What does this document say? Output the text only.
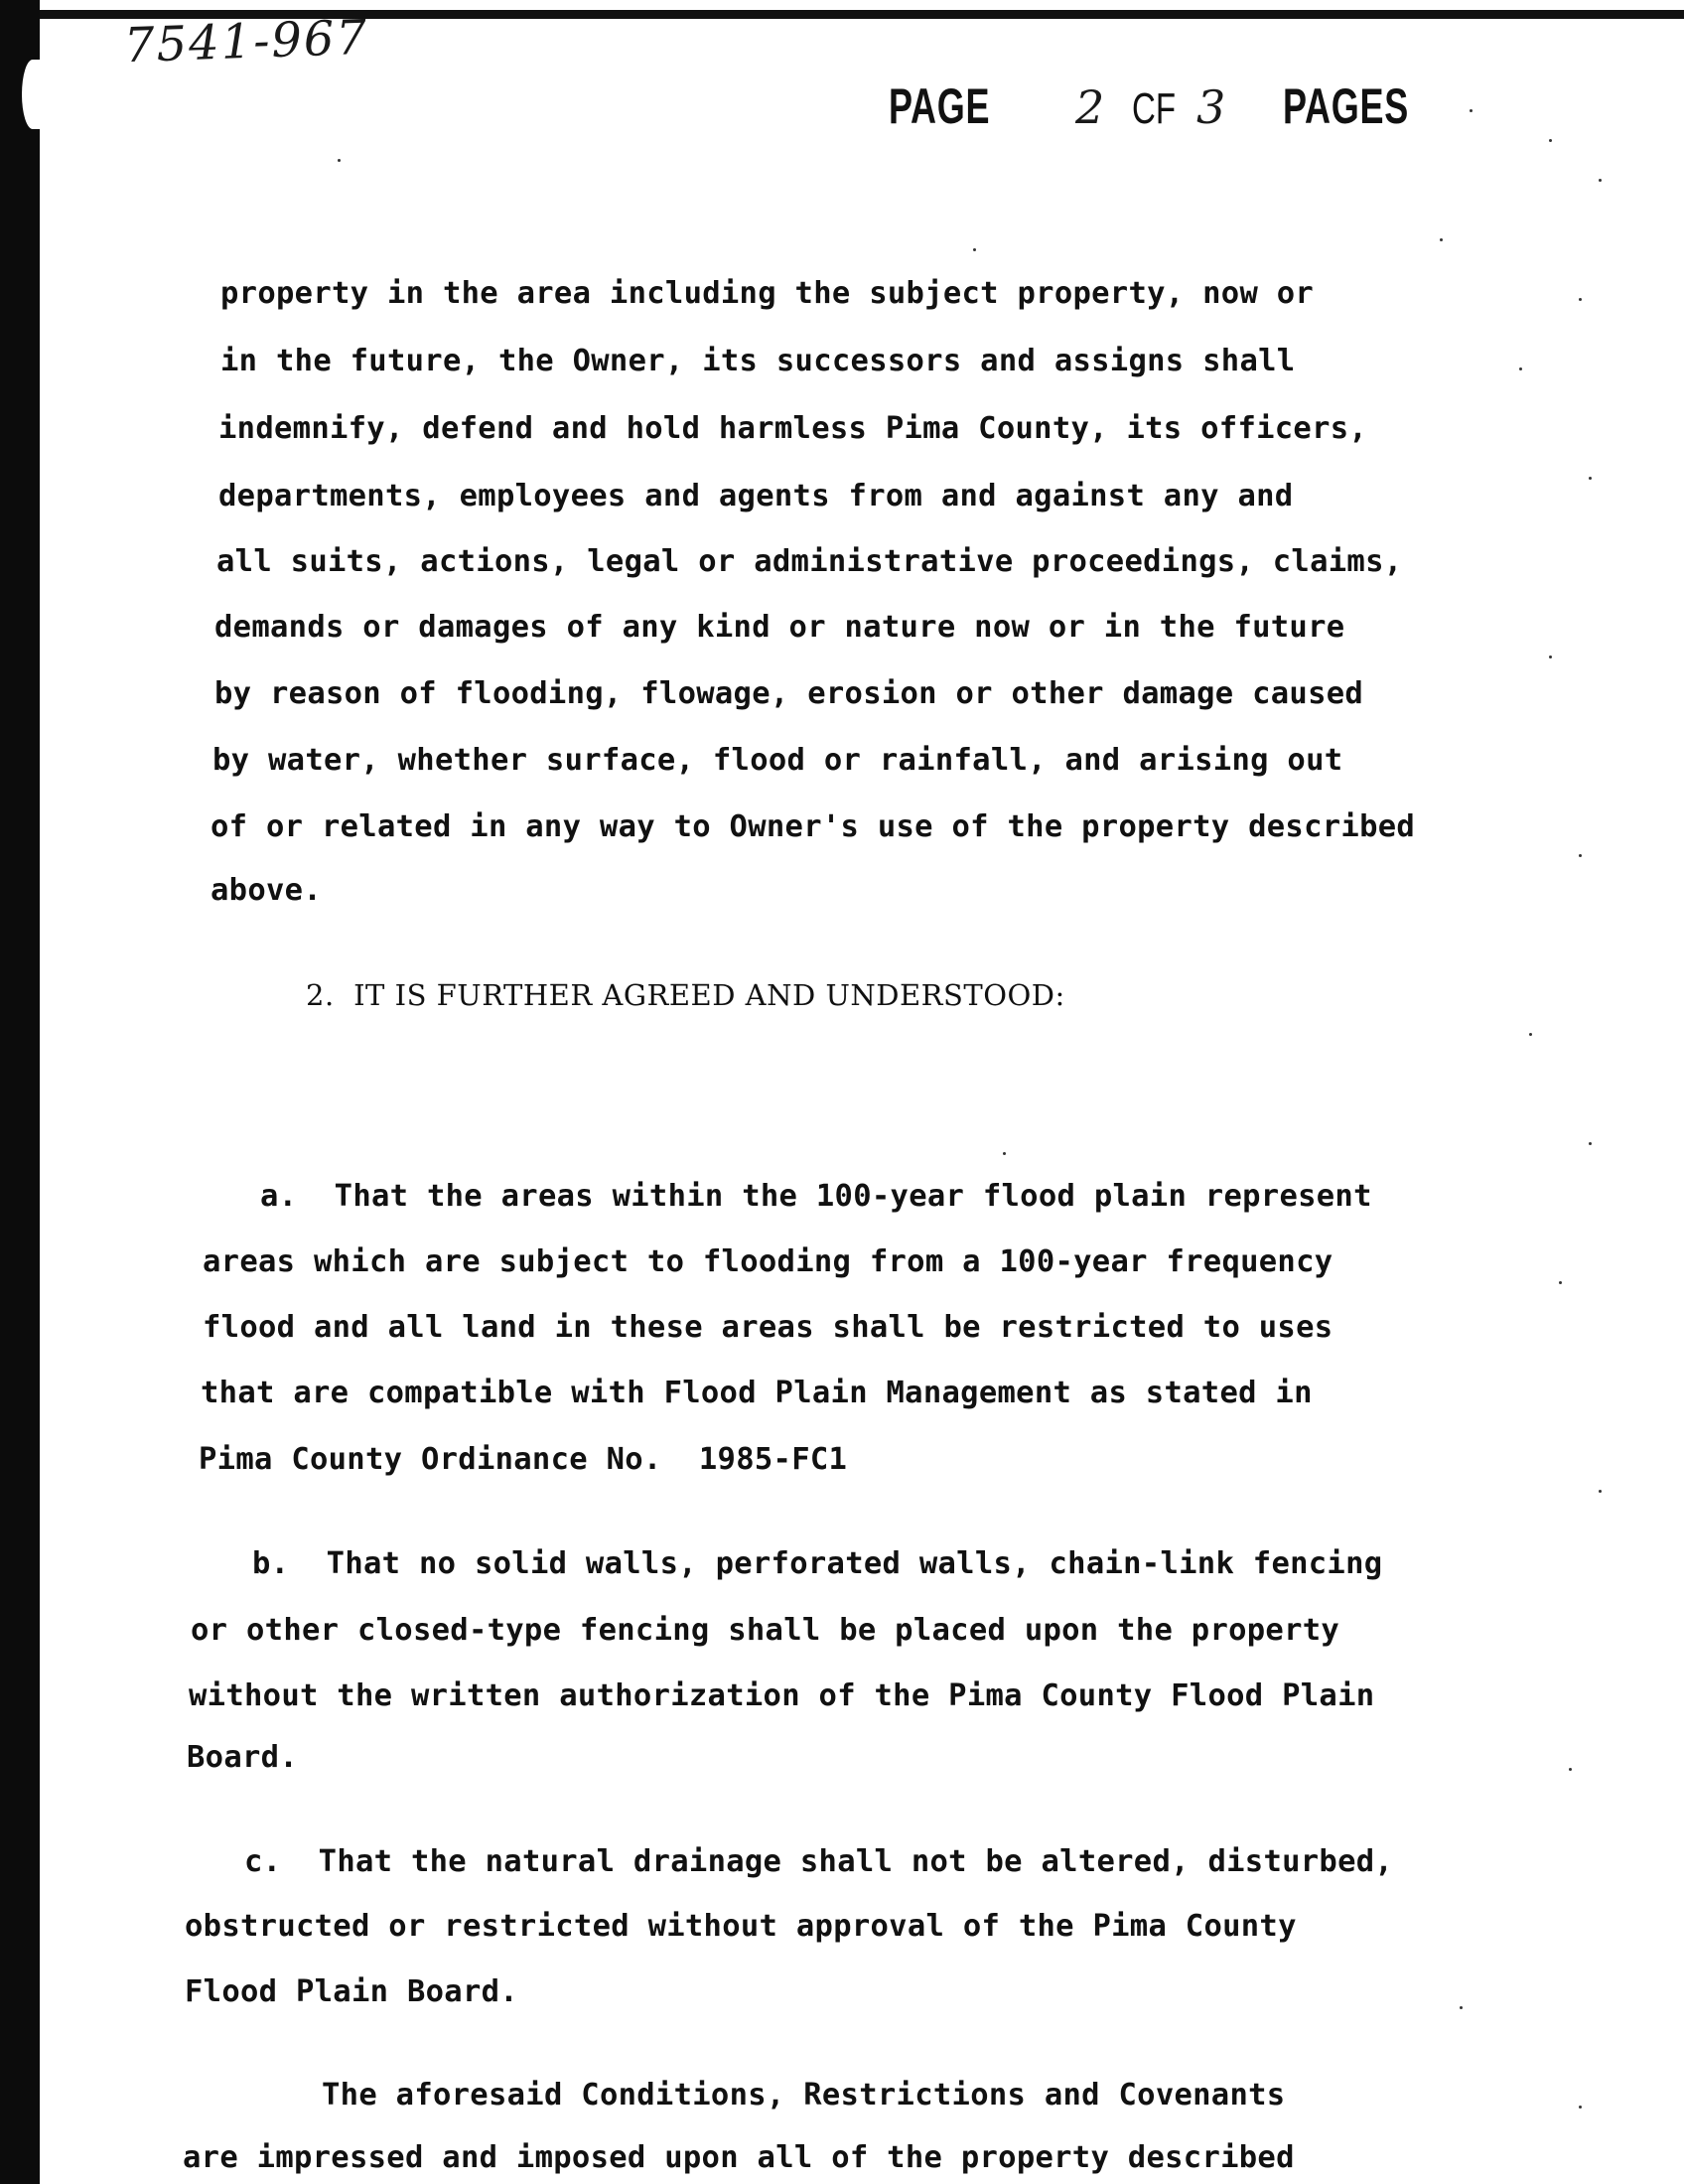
7541-967
PAGE 2 CF 3 PAGES
property in the area including the subject property, now or
in the future, the Owner, its successors and assigns shall
indemnify, defend and hold harmless Pima County, its officers,
departments, employees and agents from and against any and
all suits, actions, legal or administrative proceedings, claims,
demands or damages of any kind or nature now or in the future
by reason of flooding, flowage, erosion or other damage caused
by water, whether surface, flood or rainfall, and arising out
of or related in any way to Owner's use of the property described
above.
2.  IT IS FURTHER AGREED AND UNDERSTOOD:
a.  That the areas within the 100-year flood plain represent
areas which are subject to flooding from a 100-year frequency
flood and all land in these areas shall be restricted to uses
that are compatible with Flood Plain Management as stated in
Pima County Ordinance No.  1985-FC1
b.  That no solid walls, perforated walls, chain-link fencing
or other closed-type fencing shall be placed upon the property
without the written authorization of the Pima County Flood Plain
Board.
c.  That the natural drainage shall not be altered, disturbed,
obstructed or restricted without approval of the Pima County
Flood Plain Board.
The aforesaid Conditions, Restrictions and Covenants
are impressed and imposed upon all of the property described
